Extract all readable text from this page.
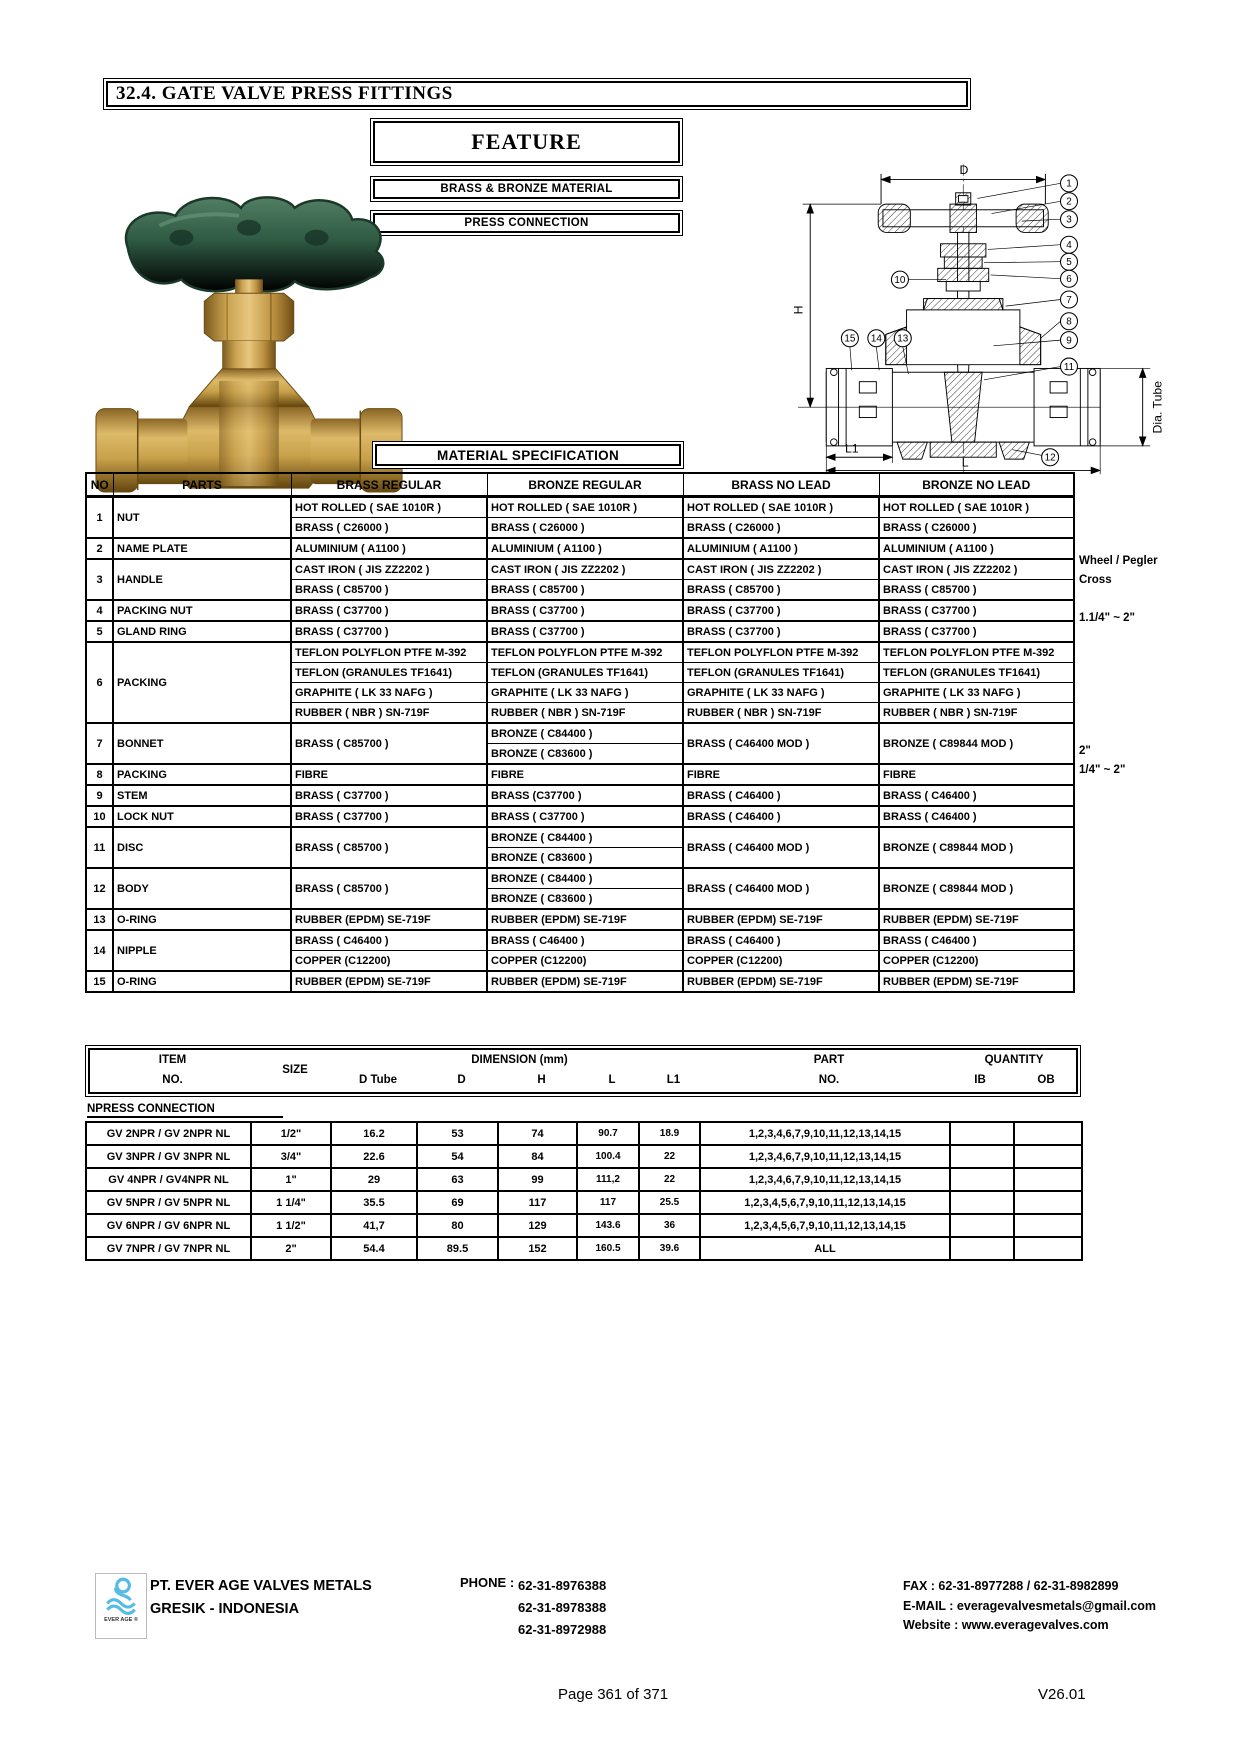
32.4. GATE VALVE PRESS FITTINGS
FEATURE
BRASS & BRONZE MATERIAL
PRESS CONNECTION
D
H
Dia. Tube
L1
L
1
2
3
4
5
6
7
8
9
10
11
12
13
14
15
MATERIAL SPECIFICATION
NO	PARTS	BRASS REGULAR	BRONZE REGULAR	BRASS NO LEAD	BRONZE NO LEAD
1	NUT	HOT ROLLED ( SAE 1010R )	HOT ROLLED ( SAE 1010R )	HOT ROLLED ( SAE 1010R )	HOT ROLLED ( SAE 1010R )
		BRASS ( C26000 )	BRASS ( C26000 )	BRASS ( C26000 )	BRASS ( C26000 )
2	NAME PLATE	ALUMINIUM ( A1100 )	ALUMINIUM ( A1100 )	ALUMINIUM ( A1100 )	ALUMINIUM ( A1100 )
3	HANDLE	CAST IRON ( JIS ZZ2202 )	CAST IRON ( JIS ZZ2202 )	CAST IRON ( JIS ZZ2202 )	CAST IRON ( JIS ZZ2202 )
		BRASS ( C85700 )	BRASS ( C85700 )	BRASS ( C85700 )	BRASS ( C85700 )
4	PACKING NUT	BRASS ( C37700 )	BRASS ( C37700 )	BRASS ( C37700 )	BRASS ( C37700 )
5	GLAND RING	BRASS ( C37700 )	BRASS ( C37700 )	BRASS ( C37700 )	BRASS ( C37700 )
6	PACKING	TEFLON POLYFLON PTFE M-392	TEFLON POLYFLON PTFE M-392	TEFLON POLYFLON PTFE M-392	TEFLON POLYFLON PTFE M-392
		TEFLON (GRANULES TF1641)	TEFLON (GRANULES TF1641)	TEFLON (GRANULES TF1641)	TEFLON (GRANULES TF1641)
		GRAPHITE ( LK 33 NAFG )	GRAPHITE ( LK 33 NAFG )	GRAPHITE ( LK 33 NAFG )	GRAPHITE ( LK 33 NAFG )
		RUBBER ( NBR ) SN-719F	RUBBER ( NBR ) SN-719F	RUBBER ( NBR ) SN-719F	RUBBER ( NBR ) SN-719F
7	BONNET	BRASS ( C85700 )	BRONZE ( C84400 )	BRASS ( C46400 MOD )	BRONZE ( C89844 MOD )
			BRONZE ( C83600 )		
8	PACKING	FIBRE	FIBRE	FIBRE	FIBRE
9	STEM	BRASS ( C37700 )	BRASS (C37700 )	BRASS ( C46400 )	BRASS ( C46400 )
10	LOCK NUT	BRASS ( C37700 )	BRASS ( C37700 )	BRASS ( C46400 )	BRASS ( C46400 )
11	DISC	BRASS ( C85700 )	BRONZE ( C84400 )	BRASS ( C46400 MOD )	BRONZE ( C89844 MOD )
			BRONZE ( C83600 )		
12	BODY	BRASS ( C85700 )	BRONZE ( C84400 )	BRASS ( C46400 MOD )	BRONZE ( C89844 MOD )
			BRONZE ( C83600 )		
13	O-RING	RUBBER (EPDM) SE-719F	RUBBER (EPDM) SE-719F	RUBBER (EPDM) SE-719F	RUBBER (EPDM) SE-719F
14	NIPPLE	BRASS ( C46400 )	BRASS ( C46400 )	BRASS ( C46400 )	BRASS ( C46400 )
		COPPER (C12200)	COPPER (C12200)	COPPER (C12200)	COPPER (C12200)
15	O-RING	RUBBER (EPDM) SE-719F	RUBBER (EPDM) SE-719F	RUBBER (EPDM) SE-719F	RUBBER (EPDM) SE-719F
Wheel / Pegler
Cross
1.1/4" ~ 2"
2"
1/4" ~ 2"
ITEM
NO.
SIZE
DIMENSION (mm)
D Tube	D	H	L	L1
PART
NO.
QUANTITY
IB	OB
NPRESS CONNECTION
GV 2NPR / GV 2NPR NL	1/2"	16.2	53	74	90.7	18.9	1,2,3,4,6,7,9,10,11,12,13,14,15		
GV 3NPR / GV 3NPR NL	3/4"	22.6	54	84	100.4	22	1,2,3,4,6,7,9,10,11,12,13,14,15		
GV 4NPR / GV4NPR NL	1"	29	63	99	111,2	22	1,2,3,4,6,7,9,10,11,12,13,14,15		
GV 5NPR / GV 5NPR NL	1 1/4"	35.5	69	117	117	25.5	1,2,3,4,5,6,7,9,10,11,12,13,14,15		
GV 6NPR / GV 6NPR NL	1 1/2"	41,7	80	129	143.6	36	1,2,3,4,5,6,7,9,10,11,12,13,14,15		
GV 7NPR / GV 7NPR NL	2"	54.4	89.5	152	160.5	39.6	ALL		
EVER AGE ®
PT. EVER AGE VALVES METALS
GRESIK - INDONESIA
PHONE : 62-31-8976388
62-31-8978388
62-31-8972988
FAX : 62-31-8977288 / 62-31-8982899
E-MAIL : everagevalvesmetals@gmail.com
Website : www.everagevalves.com
Page 361 of 371	V26.01
